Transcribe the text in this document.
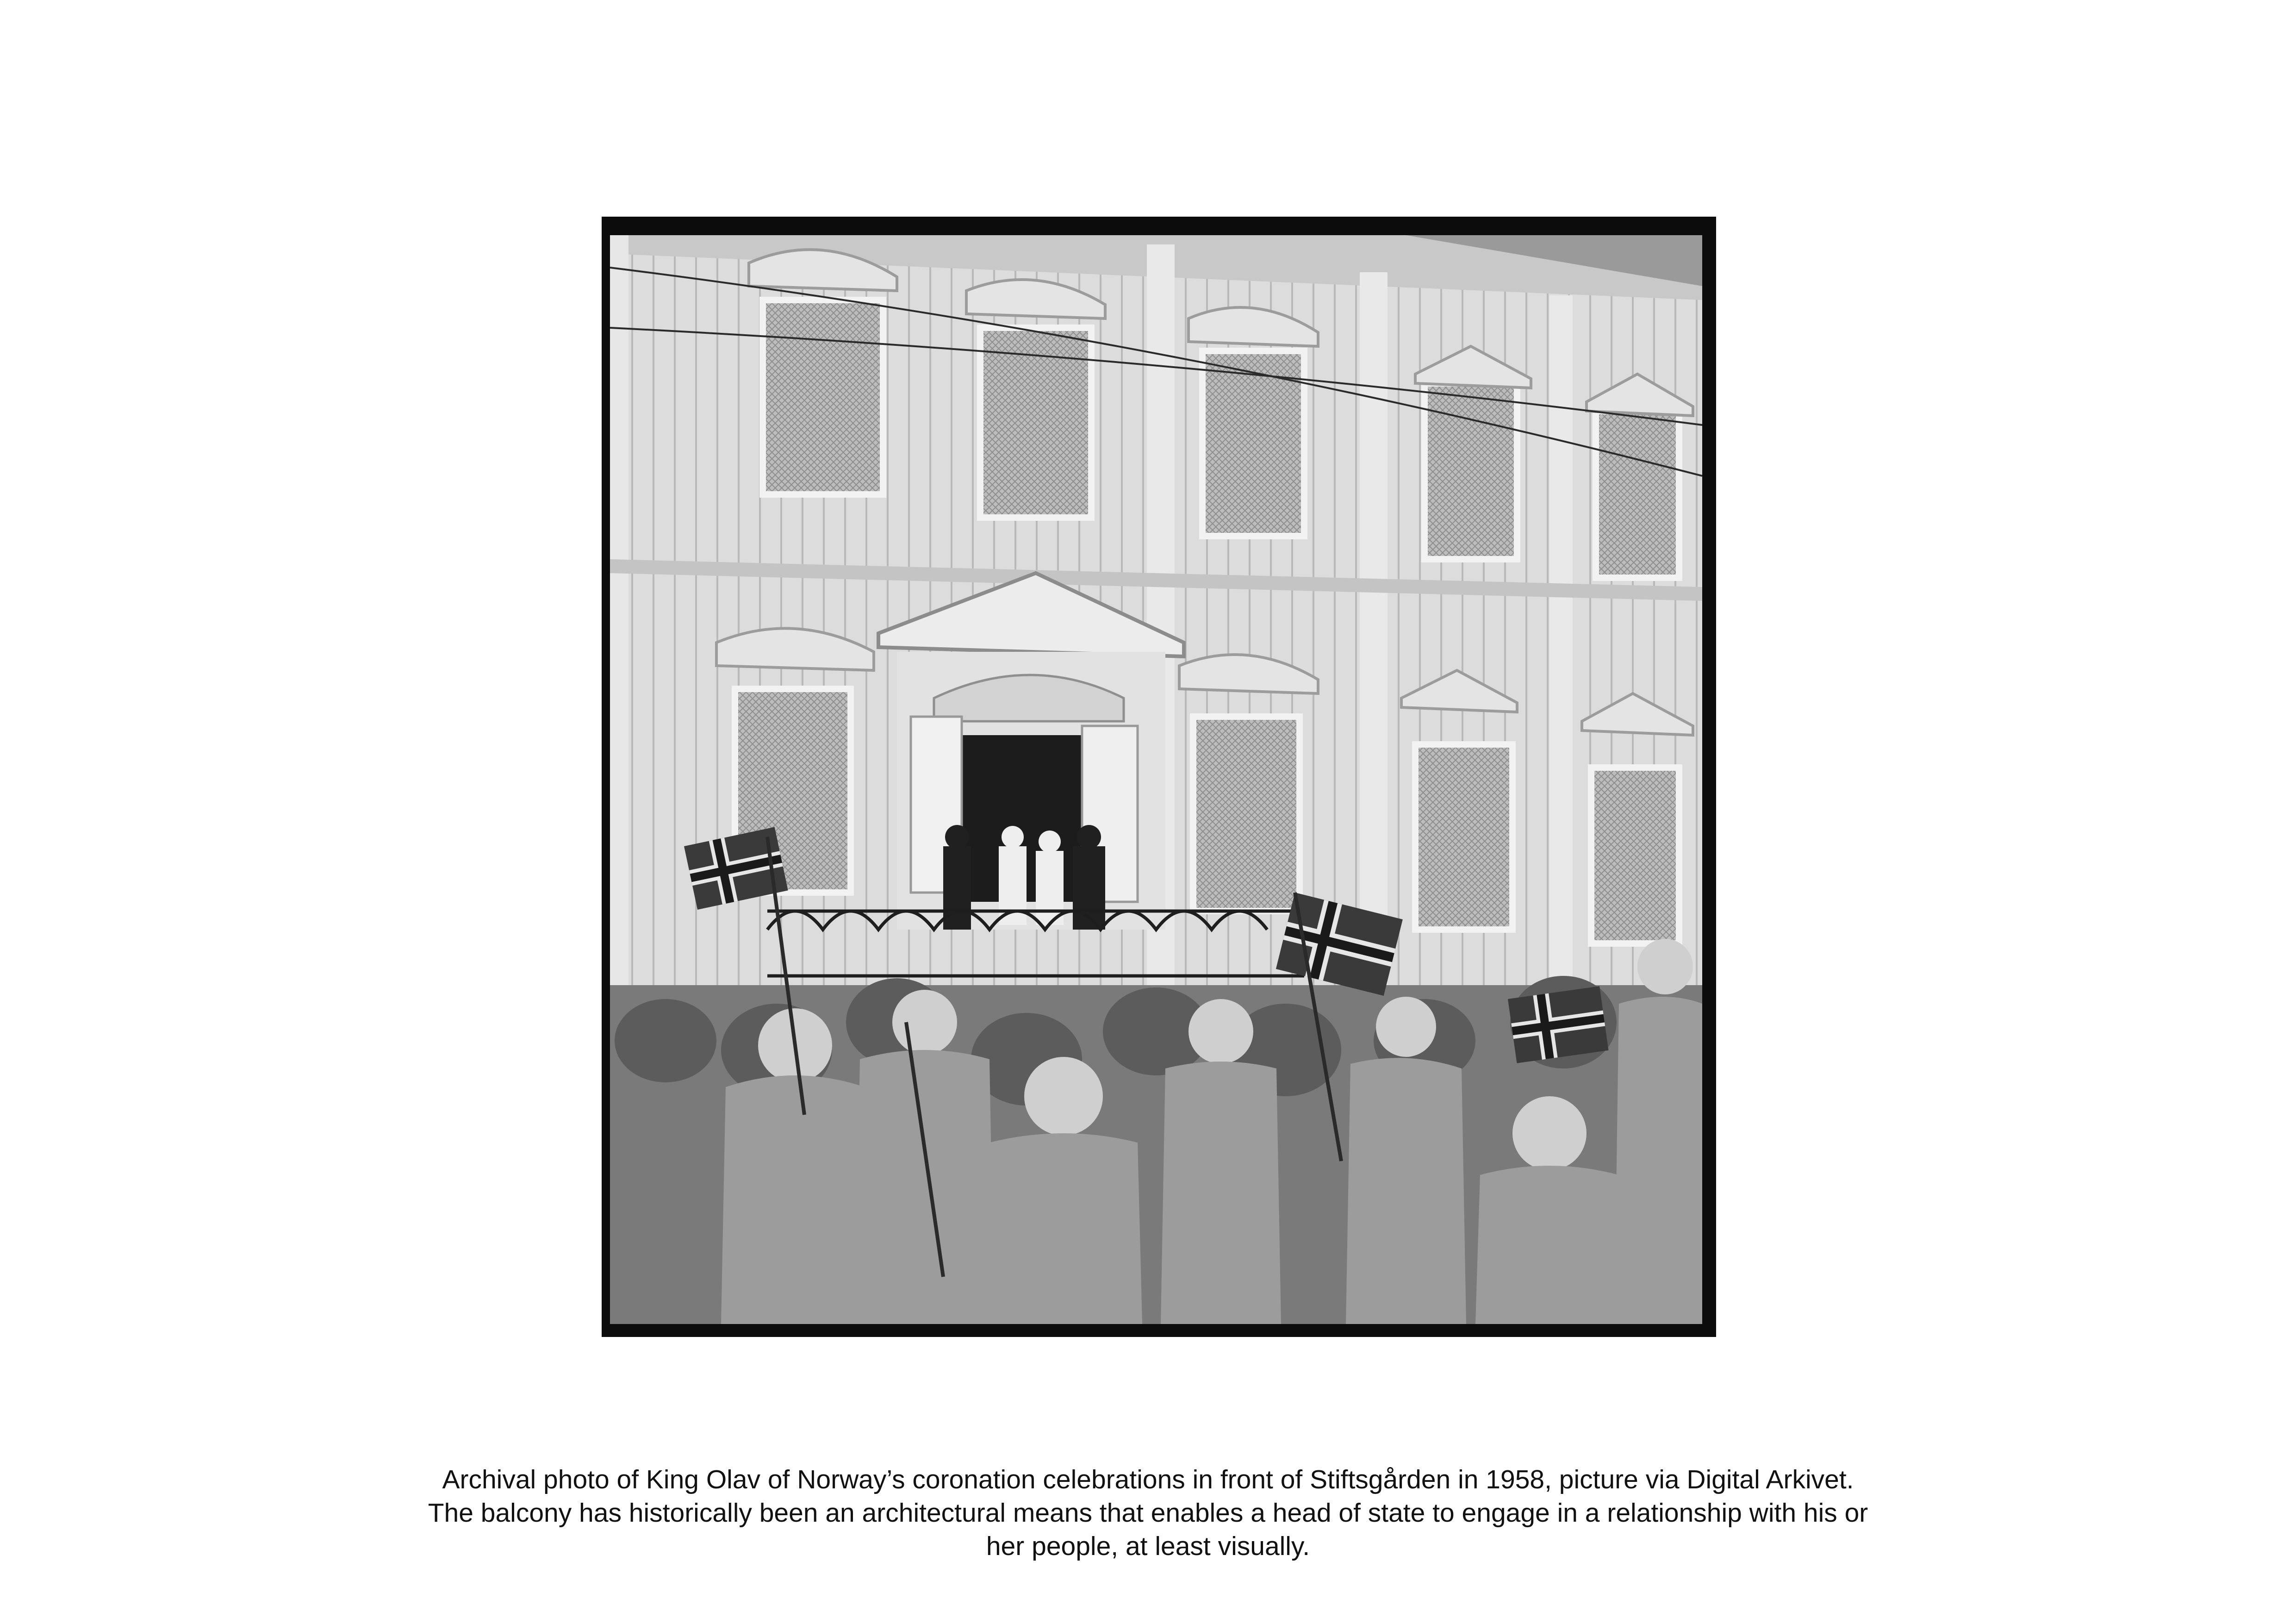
Archival photo of King Olav of Norway’s coronation celebrations in front of Stiftsgården in 1958, picture via Digital Arkivet. The balcony has historically been an architectural means that enables a head of state to engage in a relationship with his or her people, at least visually.
